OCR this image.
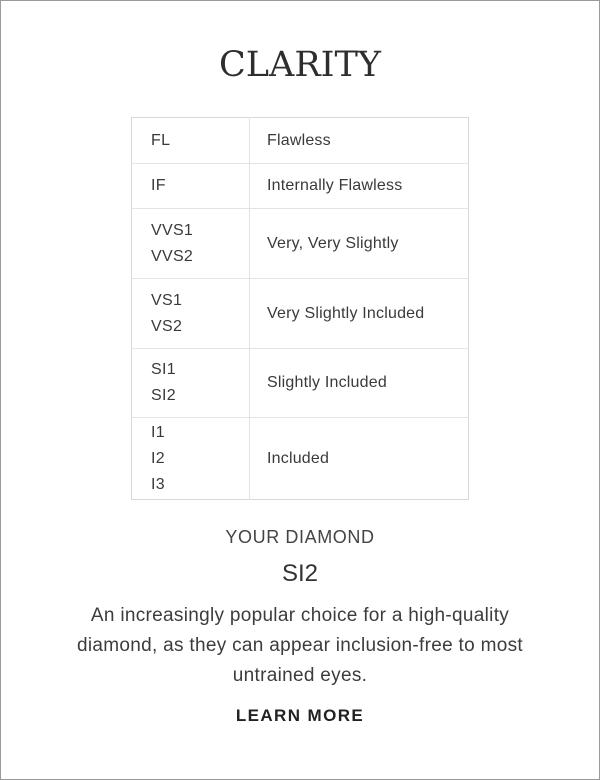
CLARITY
FL	Flawless

IF	Internally Flawless

VVS1
VVS2	Very, Very Slightly

VS1
VS2	Very Slightly Included

SI1
SI2	Slightly Included

I1
I2
I3	Included
YOUR DIAMOND
SI2
An increasingly popular choice for a high-quality diamond, as they can appear inclusion-free to most untrained eyes.
LEARN MORE
